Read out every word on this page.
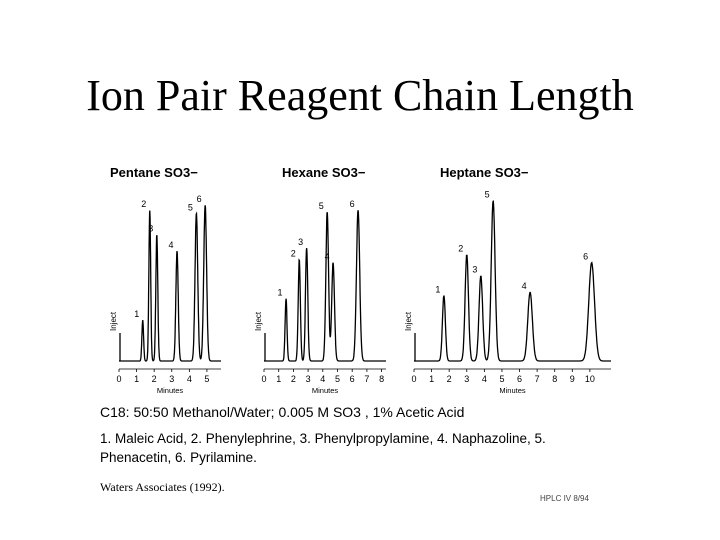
Ion Pair Reagent Chain Length
Pentane SO3−
Inject 1
2
3
4
5
6
0 1 2 3 4 5
Minutes
Hexane SO3−
Inject
1
2
3
4
5	6
0 1 2 3 4 5 6 7 8
Minutes
Heptane SO3−
Inject
1
2
3
4
5
6
0 1 2 3 4 5 6 7 8 9 10
Minutes
C18: 50:50 Methanol/Water; 0.005 M SO3 , 1% Acetic Acid
1. Maleic Acid, 2. Phenylephrine, 3. Phenylpropylamine, 4. Naphazoline, 5. Phenacetin, 6. Pyrilamine.
Waters Associates (1992).
HPLC IV 8/94
